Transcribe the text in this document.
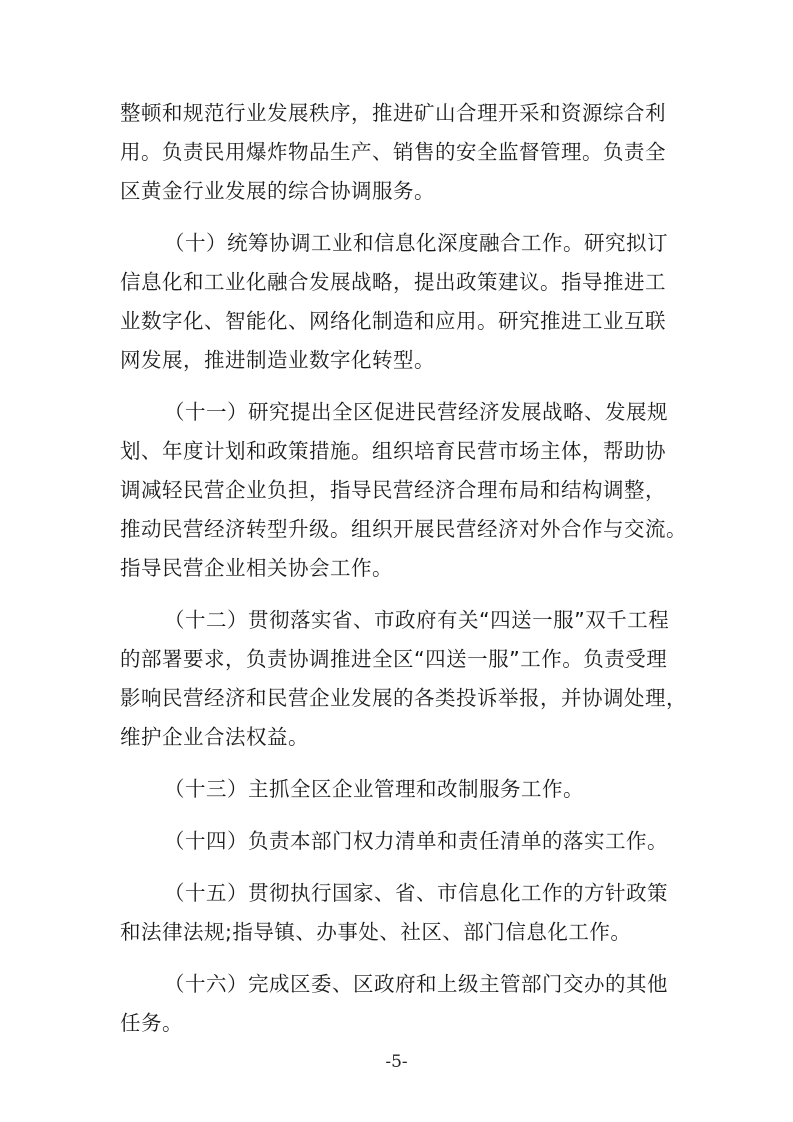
整顿和规范行业发展秩序，推进矿山合理开采和资源综合利
用。负责民用爆炸物品生产、销售的安全监督管理。负责全
区黄金行业发展的综合协调服务。

（十）统筹协调工业和信息化深度融合工作。研究拟订
信息化和工业化融合发展战略，提出政策建议。指导推进工
业数字化、智能化、网络化制造和应用。研究推进工业互联
网发展，推进制造业数字化转型。

（十一）研究提出全区促进民营经济发展战略、发展规
划、年度计划和政策措施。组织培育民营市场主体，帮助协
调减轻民营企业负担，指导民营经济合理布局和结构调整，
推动民营经济转型升级。组织开展民营经济对外合作与交流。
指导民营企业相关协会工作。

（十二）贯彻落实省、市政府有关“四送一服”双千工程
的部署要求，负责协调推进全区“四送一服”工作。负责受理
影响民营经济和民营企业发展的各类投诉举报，并协调处理，
维护企业合法权益。

（十三）主抓全区企业管理和改制服务工作。

（十四）负责本部门权力清单和责任清单的落实工作。

（十五）贯彻执行国家、省、市信息化工作的方针政策
和法律法规;指导镇、办事处、社区、部门信息化工作。

（十六）完成区委、区政府和上级主管部门交办的其他
任务。

-5-
